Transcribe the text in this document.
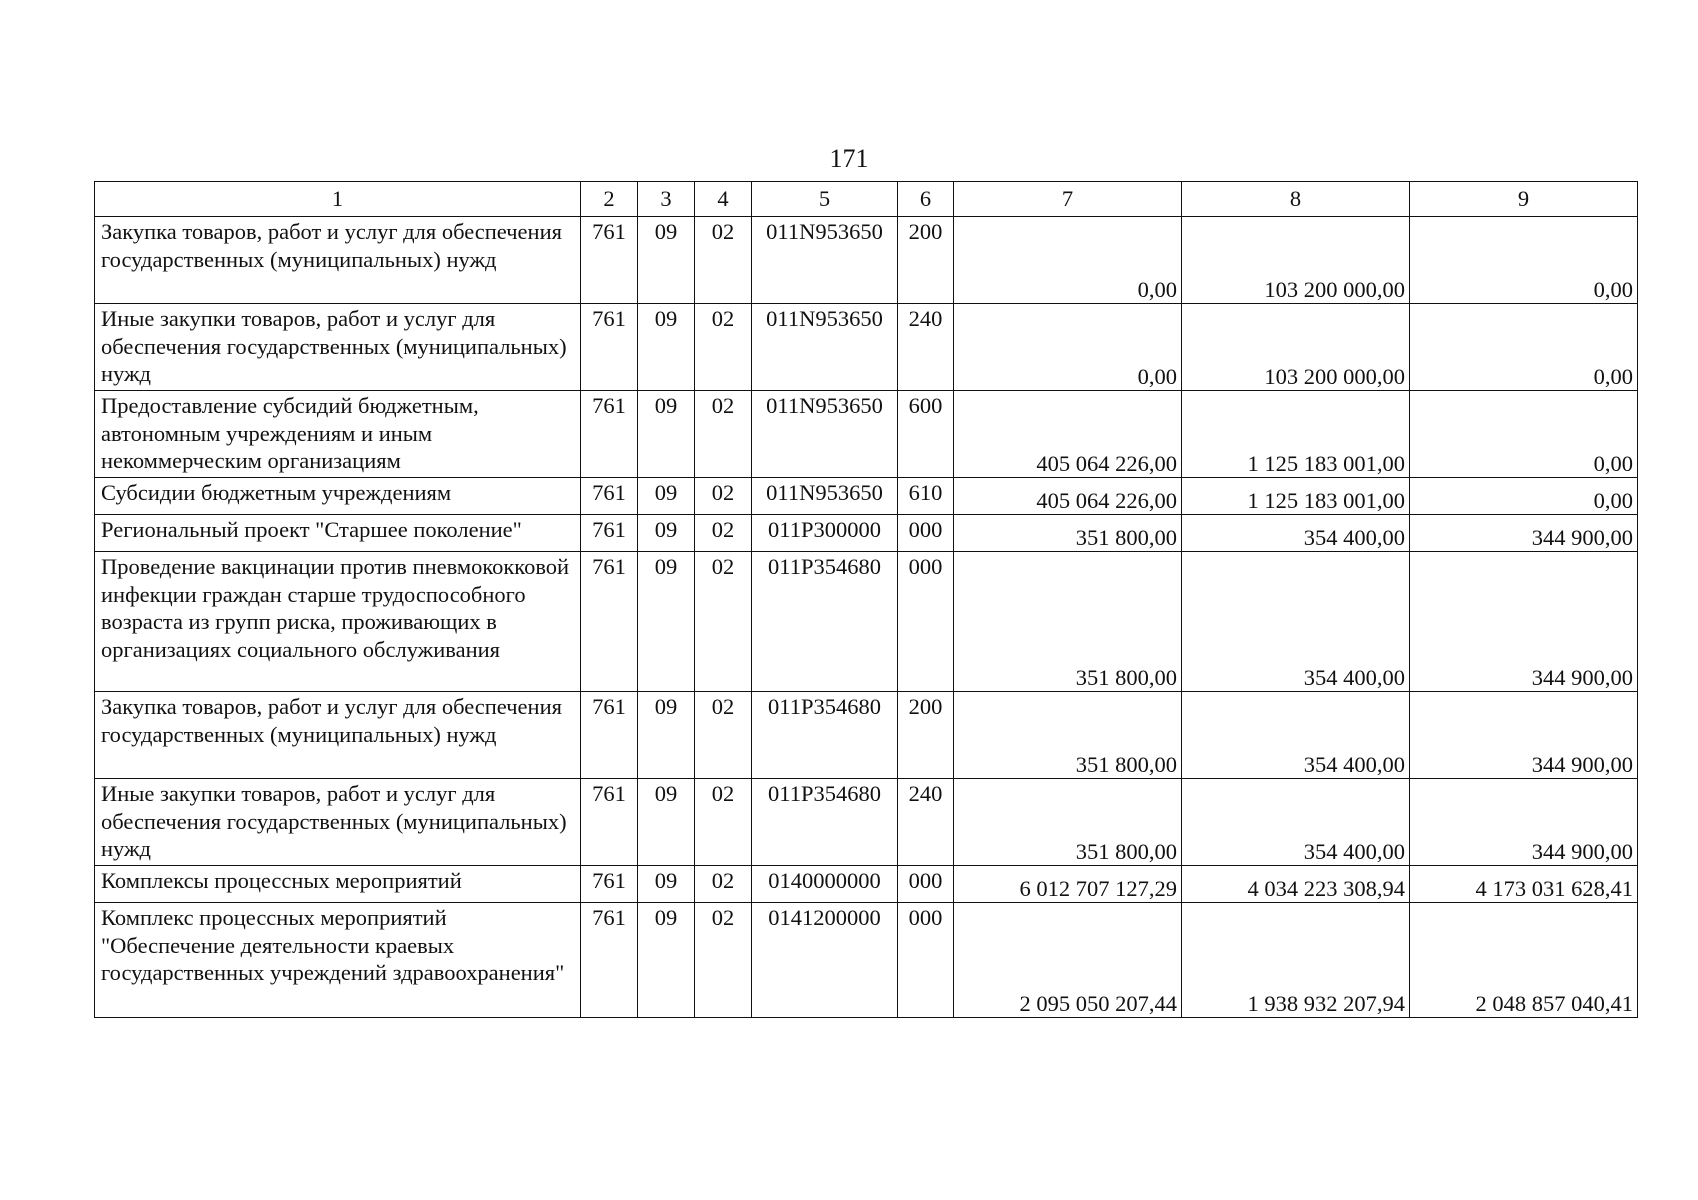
171
1	2	3	4	5	6	7	8	9
Закупка товаров, работ и услуг для обеспечения государственных (муниципальных) нужд	761	09	02	011N953650	200	0,00	103 200 000,00	0,00
Иные закупки товаров, работ и услуг для обеспечения государственных (муниципальных) нужд	761	09	02	011N953650	240	0,00	103 200 000,00	0,00
Предоставление субсидий бюджетным, автономным учреждениям и иным некоммерческим организациям	761	09	02	011N953650	600	405 064 226,00	1 125 183 001,00	0,00
Субсидии бюджетным учреждениям	761	09	02	011N953650	610	405 064 226,00	1 125 183 001,00	0,00
Региональный проект "Старшее поколение"	761	09	02	011P300000	000	351 800,00	354 400,00	344 900,00
Проведение вакцинации против пневмококковой инфекции граждан старше трудоспособного возраста из групп риска, проживающих в организациях социального обслуживания	761	09	02	011P354680	000	351 800,00	354 400,00	344 900,00
Закупка товаров, работ и услуг для обеспечения государственных (муниципальных) нужд	761	09	02	011P354680	200	351 800,00	354 400,00	344 900,00
Иные закупки товаров, работ и услуг для обеспечения государственных (муниципальных) нужд	761	09	02	011P354680	240	351 800,00	354 400,00	344 900,00
Комплексы процессных мероприятий	761	09	02	0140000000	000	6 012 707 127,29	4 034 223 308,94	4 173 031 628,41
Комплекс процессных мероприятий "Обеспечение деятельности краевых государственных учреждений здравоохранения"	761	09	02	0141200000	000	2 095 050 207,44	1 938 932 207,94	2 048 857 040,41
